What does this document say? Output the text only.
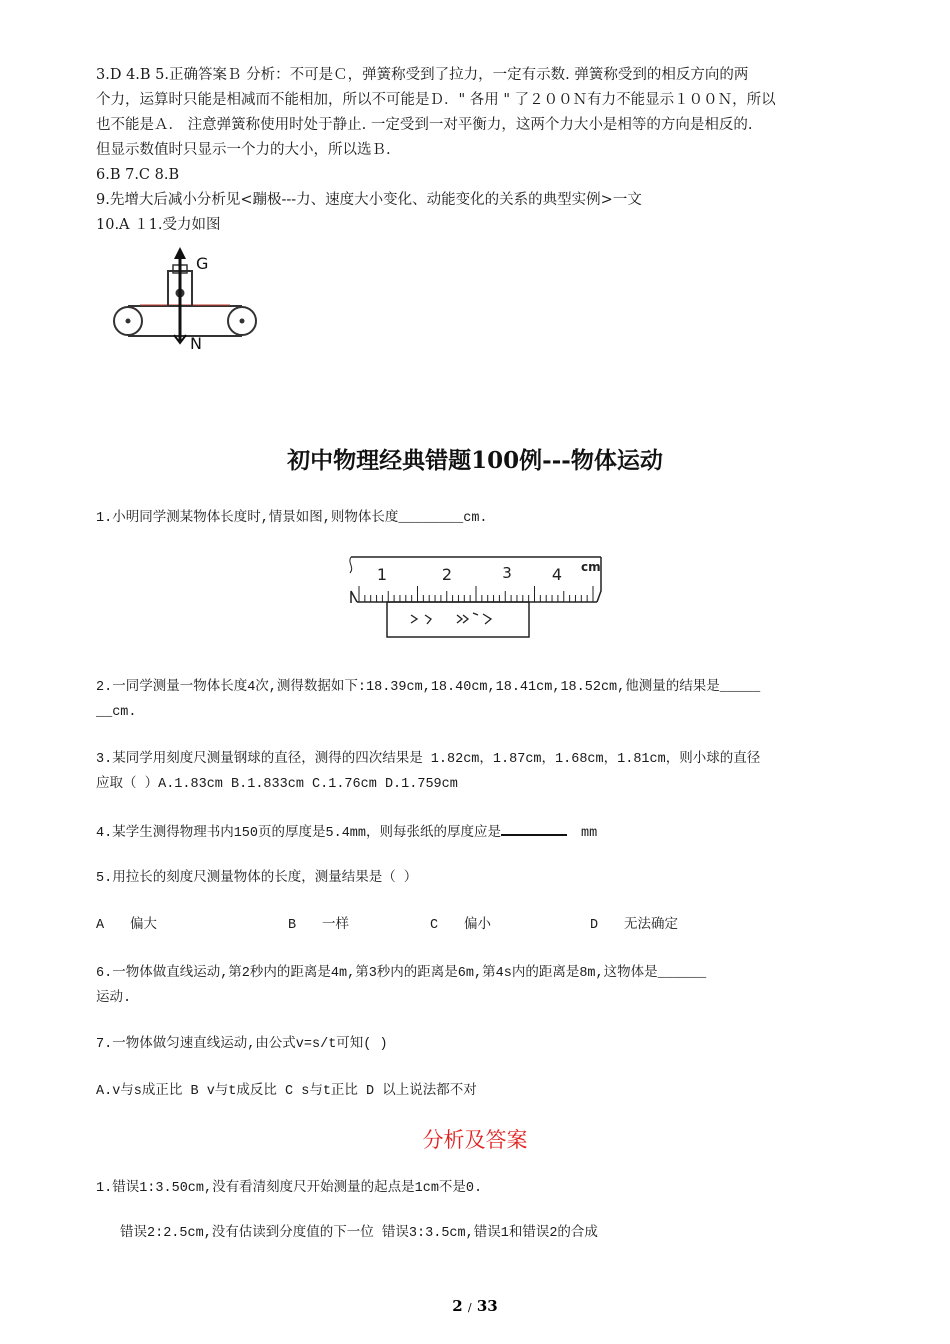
3.D 4.B 5.正确答案Ｂ 分析：不可是Ｃ，弹簧称受到了拉力，一定有示数. 弹簧称受到的相反方向的两
个力，运算时只能是相减而不能相加，所以不可能是Ｄ．" 各用 " 了２００Ｎ有力不能显示１００Ｎ，所以
也不能是Ａ． 注意弹簧称使用时处于静止. 一定受到一对平衡力，这两个力大小是相等的方向是相反的.
但显示数值时只显示一个力的大小，所以选Ｂ.
6.B 7.C 8.B
9.先增大后减小分析见<蹦极---力、速度大小变化、动能变化的关系的典型实例>一文
10.A １1.受力如图
G
N
初中物理经典错题100例---物体运动
1.小明同学测某物体长度时,情景如图,则物体长度________cm.
1	2	3	4 cm
2.一同学测量一物体长度4次,测得数据如下:18.39cm,18.40cm,18.41cm,18.52cm,他测量的结果是_____
__cm.
3.某同学用刻度尺测量钢球的直径，测得的四次结果是 1.82cm，1.87cm，1.68cm，1.81cm，则小球的直径
应取（ ）A.1.83cm B.1.833cm C.1.76cm D.1.759cm
4.某学生测得物理书内150页的厚度是5.4mm，则每张纸的厚度应是	mm
5.用拉长的刻度尺测量物体的长度，测量结果是（ ）
A 偏大	B 一样	C 偏小	D 无法确定
6.一物体做直线运动,第2秒内的距离是4m,第3秒内的距离是6m,第4s内的距离是8m,这物体是______
运动.
7.一物体做匀速直线运动,由公式v=s/t可知( )
A.v与s成正比 B v与t成反比 C s与t正比 D 以上说法都不对
分析及答案
1.错误1:3.50cm,没有看清刻度尺开始测量的起点是1cm不是0.
错误2:2.5cm,没有估读到分度值的下一位 错误3:3.5cm,错误1和错误2的合成
2 / 33
